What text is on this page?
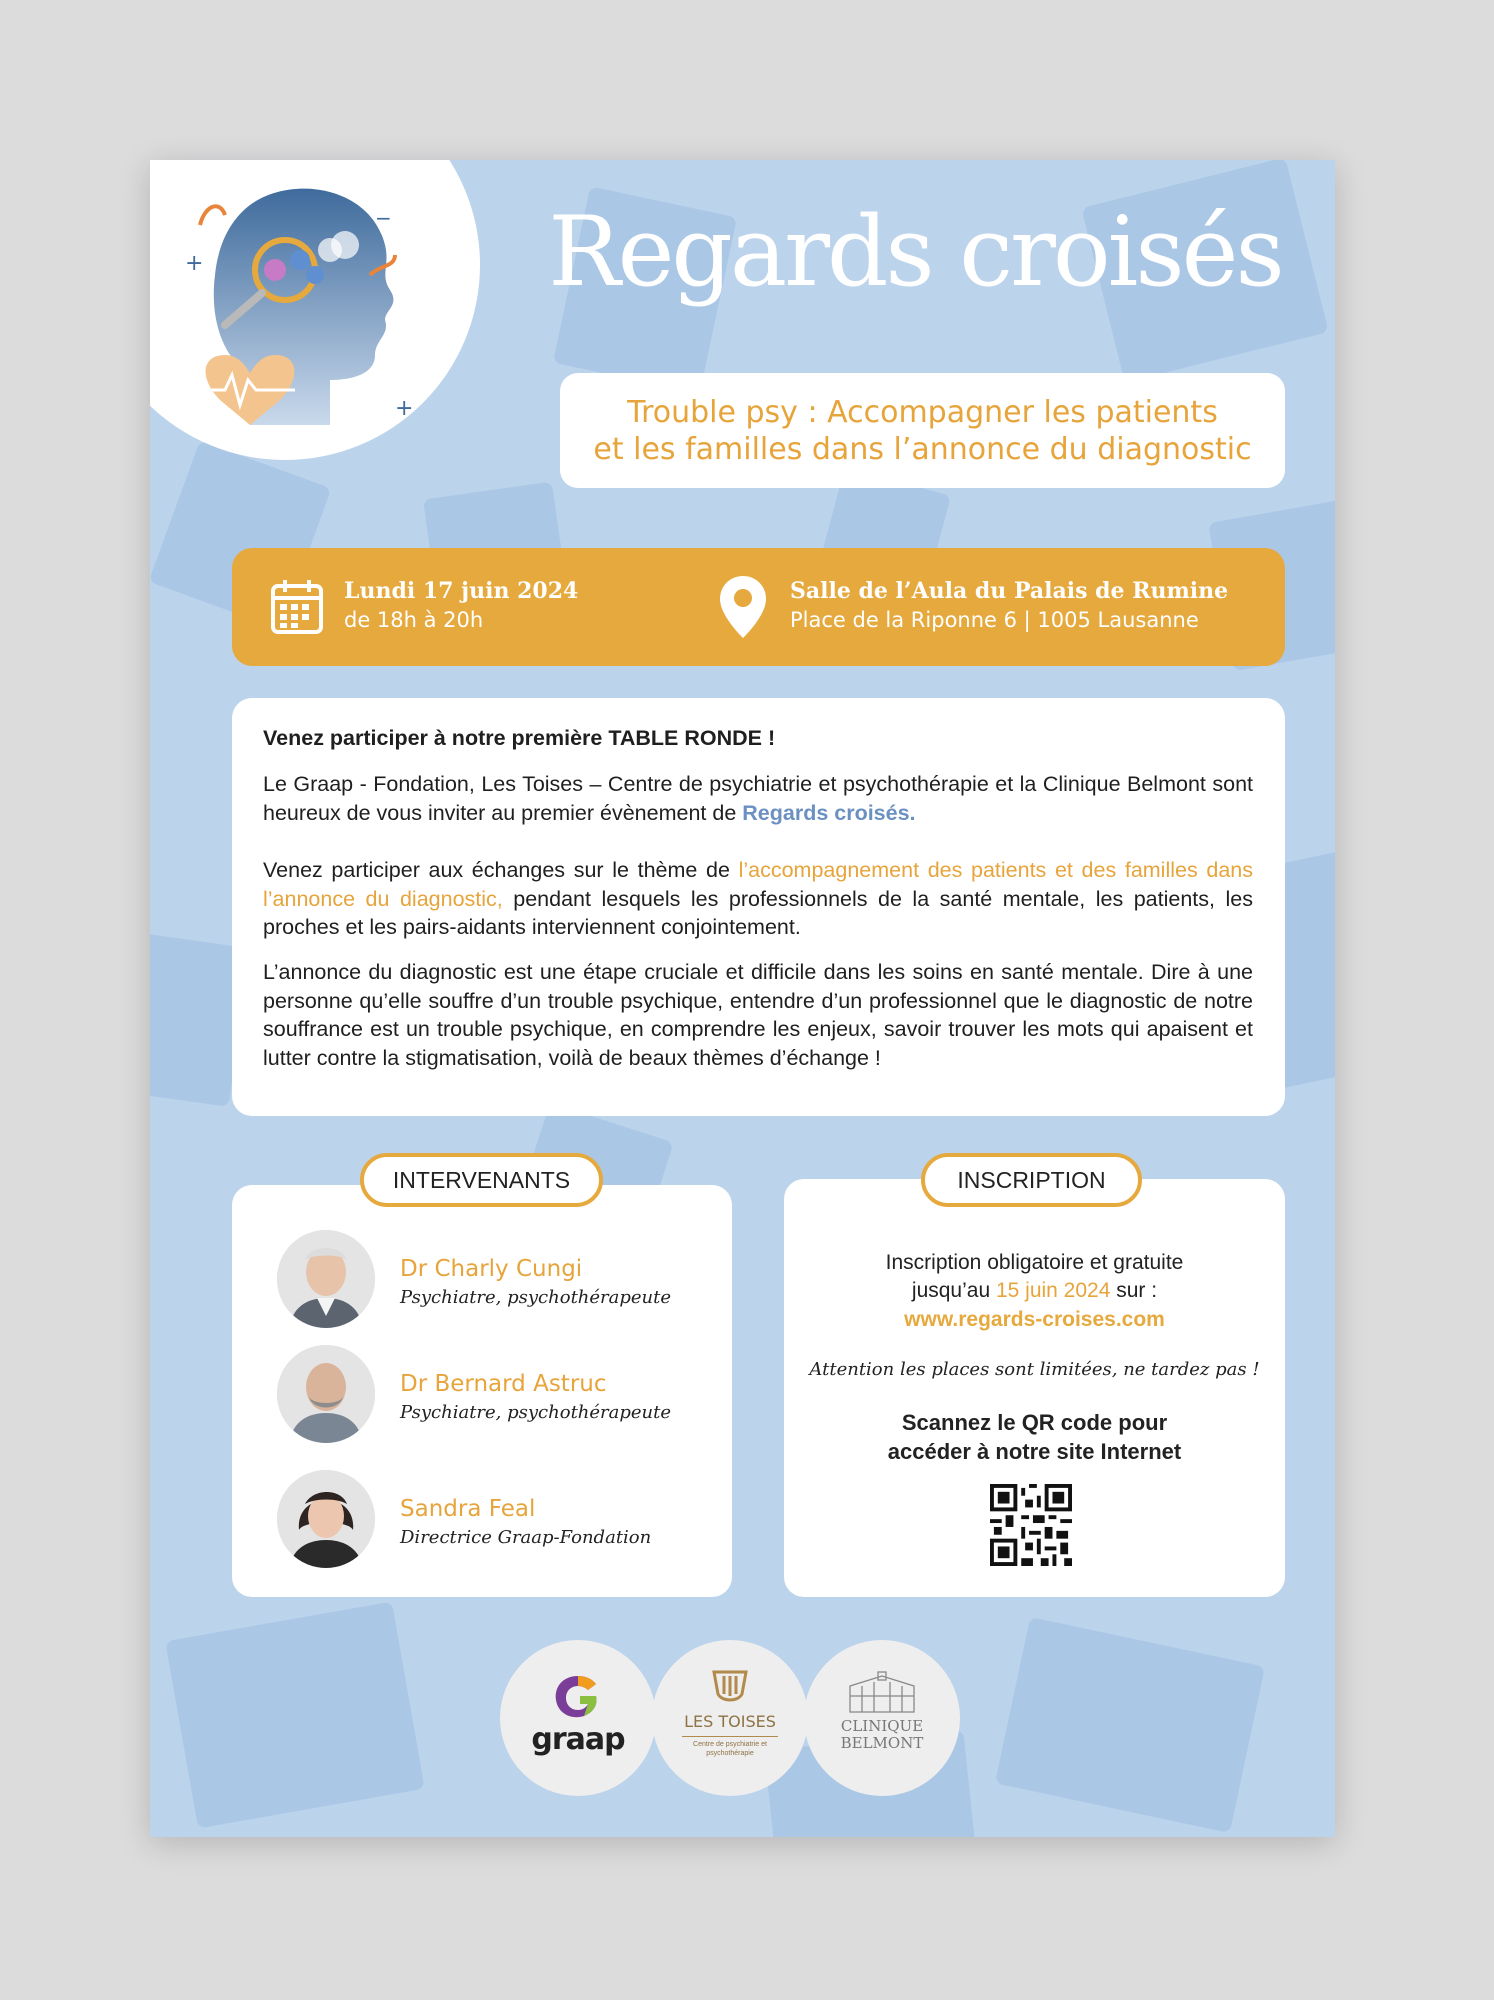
+
+
− Regards croisés
Trouble psy : Accompagner les patients
et les familles dans l’annonce du diagnostic
Lundi 17 juin 2024
de 18h à 20h
Salle de l’Aula du Palais de Rumine
Place de la Riponne 6 | 1005 Lausanne

Venez participer à notre première TABLE RONDE !

Le Graap - Fondation, Les Toises – Centre de psychiatrie et psychothérapie et la Clinique Belmont sont heureux de vous inviter au premier évènement de Regards croisés.

Venez participer aux échanges sur le thème de l’accompagnement des patients et des familles dans l’annonce du diagnostic, pendant lesquels les professionnels de la santé mentale, les patients, les proches et les pairs-aidants interviennent conjointement.

L’annonce du diagnostic est une étape cruciale et difficile dans les soins en santé mentale. Dire à une personne qu’elle souffre d’un trouble psychique, entendre d’un professionnel que le diagnostic de notre souffrance est un trouble psychique, en comprendre les enjeux, savoir trouver les mots qui apaisent et lutter contre la stigmatisation, voilà de beaux thèmes d’échange !

Dr Charly Cungi
Psychiatre, psychothérapeute
Dr Bernard Astruc
Psychiatre, psychothérapeute
Sandra Feal
Directrice Graap-Fondation
INTERVENANTS
Inscription obligatoire et gratuite
jusqu’au 15 juin 2024 sur :
www.regards-croises.com
Attention les places sont limitées, ne tardez pas !
Scannez le QR code pour
accéder à notre site Internet
INSCRIPTION
graap
LES TOISES
Centre de psychiatrie et psychothérapie
CLINIQUE
BELMONT
